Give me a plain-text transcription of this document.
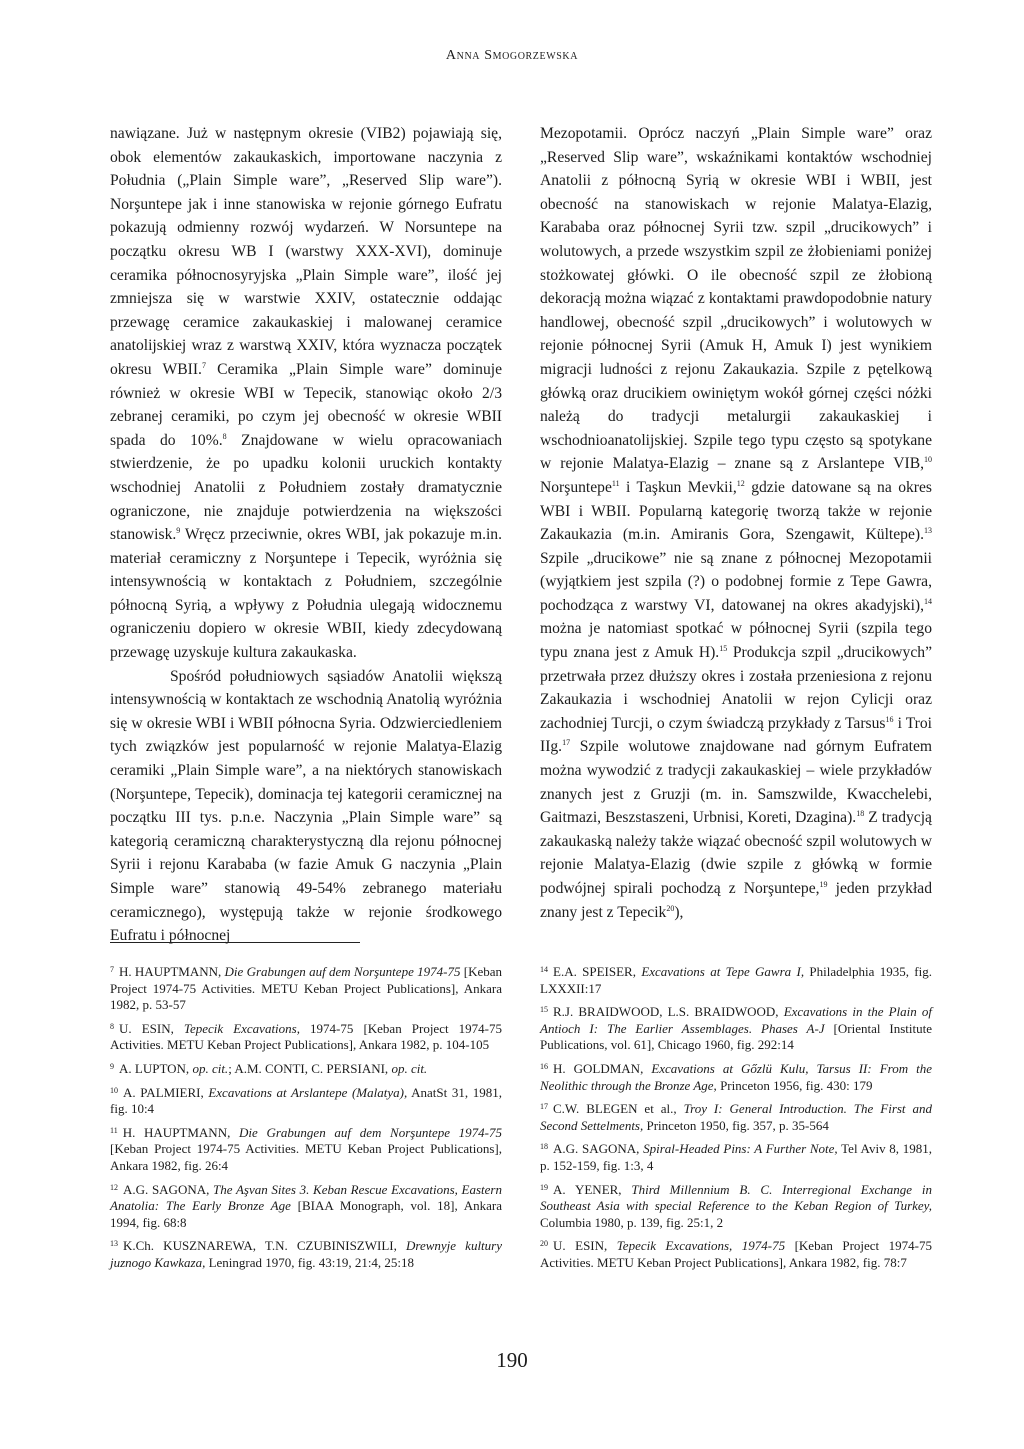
Anna Smogorzewska

nawiązane. Już w następnym okresie (VIB2) pojawiają się, obok elementów zakaukaskich, importowane naczynia z Południa („Plain Simple ware”, „Reserved Slip ware”). Norşuntepe jak i inne stanowiska w rejonie górnego Eufratu pokazują odmienny rozwój wydarzeń. W Norsuntepe na początku okresu WB I (warstwy XXX-XVI), dominuje ceramika północnosyryjska „Plain Simple ware”, ilość jej zmniejsza się w warstwie XXIV, ostatecznie oddając przewagę ceramice zakaukaskiej i malowanej ceramice anatolijskiej wraz z warstwą XXIV, która wyznacza początek okresu WBII.$^7$ Ceramika „Plain Simple ware” dominuje również w okresie WBI w Tepecik, stanowiąc około 2/3 zebranej ceramiki, po czym jej obecność w okresie WBII spada do 10%.$^8$ Znajdowane w wielu opracowaniach stwierdzenie, że po upadku kolonii uruckich kontakty wschodniej Anatolii z Południem zostały dramatycznie ograniczone, nie znajduje potwierdzenia na większości stanowisk.$^9$ Wręcz przeciwnie, okres WBI, jak pokazuje m.in. materiał ceramiczny z Norşuntepe i Tepecik, wyróżnia się intensywnością w kontaktach z Południem, szczególnie północną Syrią, a wpływy z Południa ulegają widocznemu ograniczeniu dopiero w okresie WBII, kiedy zdecydowaną przewagę uzyskuje kultura zakaukaska.

Spośród południowych sąsiadów Anatolii większą intensywnością w kontaktach ze wschodnią Anatolią wyróżnia się w okresie WBI i WBII północna Syria. Odzwierciedleniem tych związków jest popularność w rejonie Malatya-Elazig ceramiki „Plain Simple ware”, a na niektórych stanowiskach (Norşuntepe, Tepecik), dominacja tej kategorii ceramicznej na początku III tys. p.n.e. Naczynia „Plain Simple ware” są kategorią ceramiczną charakterystyczną dla rejonu północnej Syrii i rejonu Karababa (w fazie Amuk G naczynia „Plain Simple ware” stanowią 49-54% zebranego materiału ceramicznego), występują także w rejonie środkowego Eufratu i północnej

Mezopotamii. Oprócz naczyń „Plain Simple ware” oraz „Reserved Slip ware”, wskaźnikami kontaktów wschodniej Anatolii z północną Syrią w okresie WBI i WBII, jest obecność na stanowiskach w rejonie Malatya-Elazig, Karababa oraz północnej Syrii tzw. szpil „drucikowych” i wolutowych, a przede wszystkim szpil ze żłobieniami poniżej stożkowatej główki. O ile obecność szpil ze żłobioną dekoracją można wiązać z kontaktami prawdopodobnie natury handlowej, obecność szpil „drucikowych” i wolutowych w rejonie północnej Syrii (Amuk H, Amuk I) jest wynikiem migracji ludności z rejonu Zakaukazia. Szpile z pętelkową główką oraz drucikiem owiniętym wokół górnej części nóżki należą do tradycji metalurgii zakaukaskiej i wschodnioanatolijskiej. Szpile tego typu często są spotykane w rejonie Malatya-Elazig – znane są z Arslantepe VIB,$^{10}$ Norşuntepe$^{11}$ i Taşkun Mevkii,$^{12}$ gdzie datowane są na okres WBI i WBII. Popularną kategorię tworzą także w rejonie Zakaukazia (m.in. Amiranis Gora, Szengawit, Kültepe).$^{13}$ Szpile „drucikowe” nie są znane z północnej Mezopotamii (wyjątkiem jest szpila (?) o podobnej formie z Tepe Gawra, pochodząca z warstwy VI, datowanej na okres akadyjski),$^{14}$ można je natomiast spotkać w północnej Syrii (szpila tego typu znana jest z Amuk H).$^{15}$ Produkcja szpil „drucikowych” przetrwała przez dłuższy okres i została przeniesiona z rejonu Zakaukazia i wschodniej Anatolii w rejon Cylicji oraz zachodniej Turcji, o czym świadczą przykłady z Tarsus$^{16}$ i Troi IIg.$^{17}$ Szpile wolutowe znajdowane nad górnym Eufratem można wywodzić z tradycji zakaukaskiej – wiele przykładów znanych jest z Gruzji (m. in. Samszwilde, Kwacchelebi, Gaitmazi, Beszstaszeni, Urbnisi, Koreti, Dzagina).$^{18}$ Z tradycją zakaukaską należy także wiązać obecność szpil wolutowych w rejonie Malatya-Elazig (dwie szpile z główką w formie podwójnej spirali pochodzą z Norşuntepe,$^{19}$ jeden przykład znany jest z Tepecik$^{20}$),

$^7$ H. HAUPTMANN, Die Grabungen auf dem Norşuntepe 1974-75 [Keban Project 1974-75 Activities. METU Keban Project Publications], Ankara 1982, p. 53-57
$^8$ U. ESIN, Tepecik Excavations, 1974-75 [Keban Project 1974-75 Activities. METU Keban Project Publications], Ankara 1982, p. 104-105
$^9$ A. LUPTON, op. cit.; A.M. CONTI, C. PERSIANI, op. cit.
$^{10}$ A. PALMIERI, Excavations at Arslantepe (Malatya), AnatSt 31, 1981, fig. 10:4
$^{11}$ H. HAUPTMANN, Die Grabungen auf dem Norşuntepe 1974-75 [Keban Project 1974-75 Activities. METU Keban Project Publications], Ankara 1982, fig. 26:4
$^{12}$ A.G. SAGONA, The Aşvan Sites 3. Keban Rescue Excavations, Eastern Anatolia: The Early Bronze Age [BIAA Monograph, vol. 18], Ankara 1994, fig. 68:8
$^{13}$ K.Ch. KUSZNAREWA, T.N. CZUBINISZWILI, Drewnyje kultury juznogo Kawkaza, Leningrad 1970, fig. 43:19, 21:4, 25:18
$^{14}$ E.A. SPEISER, Excavations at Tepe Gawra I, Philadelphia 1935, fig. LXXXII:17
$^{15}$ R.J. BRAIDWOOD, L.S. BRAIDWOOD, Excavations in the Plain of Antioch I: The Earlier Assemblages. Phases A-J [Oriental Institute Publications, vol. 61], Chicago 1960, fig. 292:14
$^{16}$ H. GOLDMAN, Excavations at Gőzlü Kulu, Tarsus II: From the Neolithic through the Bronze Age, Princeton 1956, fig. 430: 179
$^{17}$ C.W. BLEGEN et al., Troy I: General Introduction. The First and Second Settelments, Princeton 1950, fig. 357, p. 35-564
$^{18}$ A.G. SAGONA, Spiral-Headed Pins: A Further Note, Tel Aviv 8, 1981, p. 152-159, fig. 1:3, 4
$^{19}$ A. YENER, Third Millennium B. C. Interregional Exchange in Southeast Asia with special Reference to the Keban Region of Turkey, Columbia 1980, p. 139, fig. 25:1, 2
$^{20}$ U. ESIN, Tepecik Excavations, 1974-75 [Keban Project 1974-75 Activities. METU Keban Project Publications], Ankara 1982, fig. 78:7
190
